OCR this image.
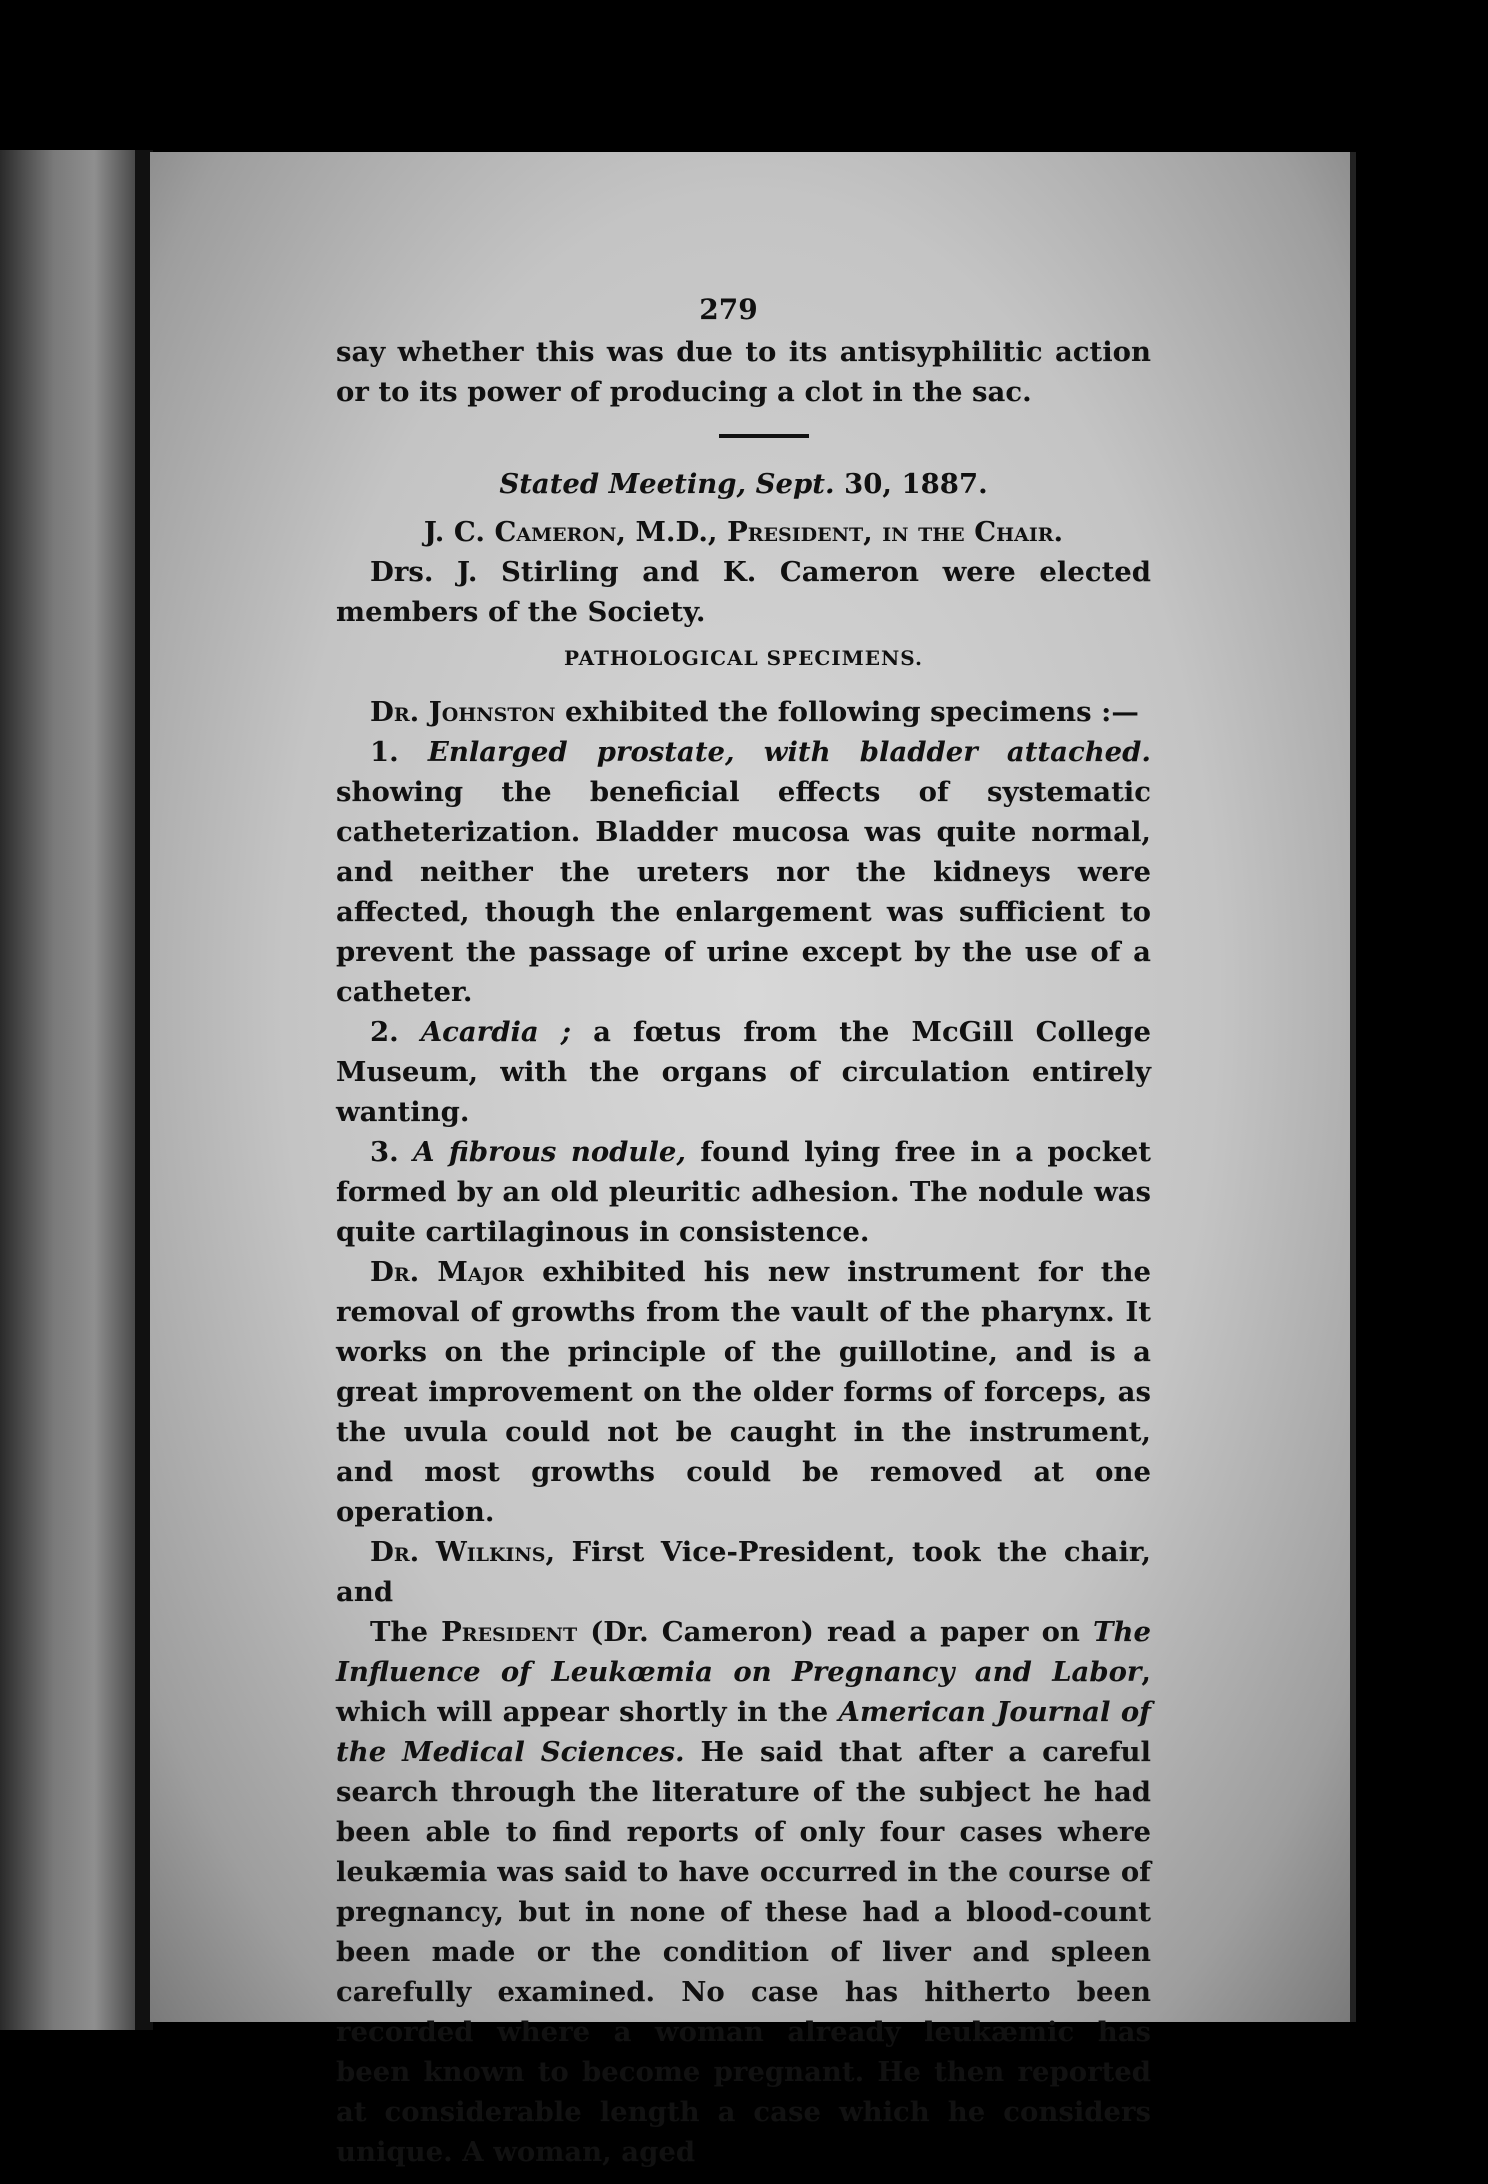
279

say whether this was due to its antisyphilitic action or to its power of producing a clot in the sac.

Stated Meeting, Sept. 30, 1887.
J. C. Cameron, M.D., President, in the Chair.

Drs. J. Stirling and K. Cameron were elected members of the Society.

PATHOLOGICAL SPECIMENS.

Dr. Johnston exhibited the following specimens :—

1. Enlarged prostate, with bladder attached. showing the beneficial effects of systematic catheterization. Bladder mucosa was quite normal, and neither the ureters nor the kidneys were affected, though the enlargement was sufficient to prevent the passage of urine except by the use of a catheter.

2. Acardia ; a fœtus from the McGill College Museum, with the organs of circulation entirely wanting.

3. A fibrous nodule, found lying free in a pocket formed by an old pleuritic adhesion. The nodule was quite cartilaginous in consistence.

Dr. Major exhibited his new instrument for the removal of growths from the vault of the pharynx. It works on the principle of the guillotine, and is a great improvement on the older forms of forceps, as the uvula could not be caught in the instrument, and most growths could be removed at one operation.

Dr. Wilkins, First Vice-President, took the chair, and

The President (Dr. Cameron) read a paper on The Influence of Leukœmia on Pregnancy and Labor, which will appear shortly in the American Journal of the Medical Sciences. He said that after a careful search through the literature of the subject he had been able to find reports of only four cases where leukæmia was said to have occurred in the course of pregnancy, but in none of these had a blood-count been made or the condition of liver and spleen carefully examined. No case has hitherto been recorded where a woman already leukæmic has been known to become pregnant. He then reported at considerable length a case which he considers unique. A woman, aged
